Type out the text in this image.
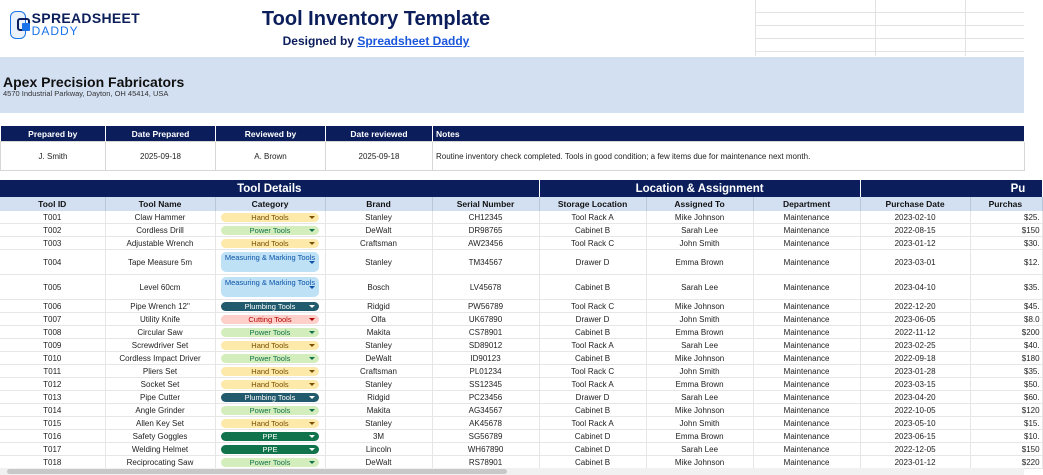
SPREADSHEET
DADDY
Tool Inventory Template
Designed by Spreadsheet Daddy
Apex Precision Fabricators
4570 Industrial Parkway, Dayton, OH 45414, USA
Prepared by	Date Prepared	Reviewed by	Date reviewed	Notes
J. Smith	2025-09-18	A. Brown	2025-09-18	Routine inventory check completed. Tools in good condition; a few items due for maintenance next month.
Tool Details					Location & Assignment			Pu	
Tool ID	Tool Name	Category	Brand	Serial Number	Storage Location	Assigned To	Department	Purchase Date	Purchas
T001	Claw Hammer	Hand Tools	Stanley	CH12345	Tool Rack A	Mike Johnson	Maintenance	2023-02-10	$25.
T002	Cordless Drill	Power Tools	DeWalt	DR98765	Cabinet B	Sarah Lee	Maintenance	2022-08-15	$150
T003	Adjustable Wrench	Hand Tools	Craftsman	AW23456	Tool Rack C	John Smith	Maintenance	2023-01-12	$30.
T004	Tape Measure 5m	Measuring & Marking Tools	Stanley	TM34567	Drawer D	Emma Brown	Maintenance	2023-03-01	$12.
T005	Level 60cm	Measuring & Marking Tools	Bosch	LV45678	Cabinet B	Sarah Lee	Maintenance	2023-04-10	$35.
T006	Pipe Wrench 12"	Plumbing Tools	Ridgid	PW56789	Tool Rack C	Mike Johnson	Maintenance	2022-12-20	$45.
T007	Utility Knife	Cutting Tools	Olfa	UK67890	Drawer D	John Smith	Maintenance	2023-06-05	$8.0
T008	Circular Saw	Power Tools	Makita	CS78901	Cabinet B	Emma Brown	Maintenance	2022-11-12	$200
T009	Screwdriver Set	Hand Tools	Stanley	SD89012	Tool Rack A	Sarah Lee	Maintenance	2023-02-25	$40.
T010	Cordless Impact Driver	Power Tools	DeWalt	ID90123	Cabinet B	Mike Johnson	Maintenance	2022-09-18	$180
T011	Pliers Set	Hand Tools	Craftsman	PL01234	Tool Rack C	John Smith	Maintenance	2023-01-28	$35.
T012	Socket Set	Hand Tools	Stanley	SS12345	Tool Rack A	Emma Brown	Maintenance	2023-03-15	$50.
T013	Pipe Cutter	Plumbing Tools	Ridgid	PC23456	Drawer D	Sarah Lee	Maintenance	2023-04-20	$60.
T014	Angle Grinder	Power Tools	Makita	AG34567	Cabinet B	Mike Johnson	Maintenance	2022-10-05	$120
T015	Allen Key Set	Hand Tools	Stanley	AK45678	Tool Rack A	John Smith	Maintenance	2023-05-10	$15.
T016	Safety Goggles	PPE	3M	SG56789	Cabinet D	Emma Brown	Maintenance	2023-06-15	$10.
T017	Welding Helmet	PPE	Lincoln	WH67890	Cabinet D	Sarah Lee	Maintenance	2022-12-05	$150
T018	Reciprocating Saw	Power Tools	DeWalt	RS78901	Cabinet B	Mike Johnson	Maintenance	2023-01-12	$220
